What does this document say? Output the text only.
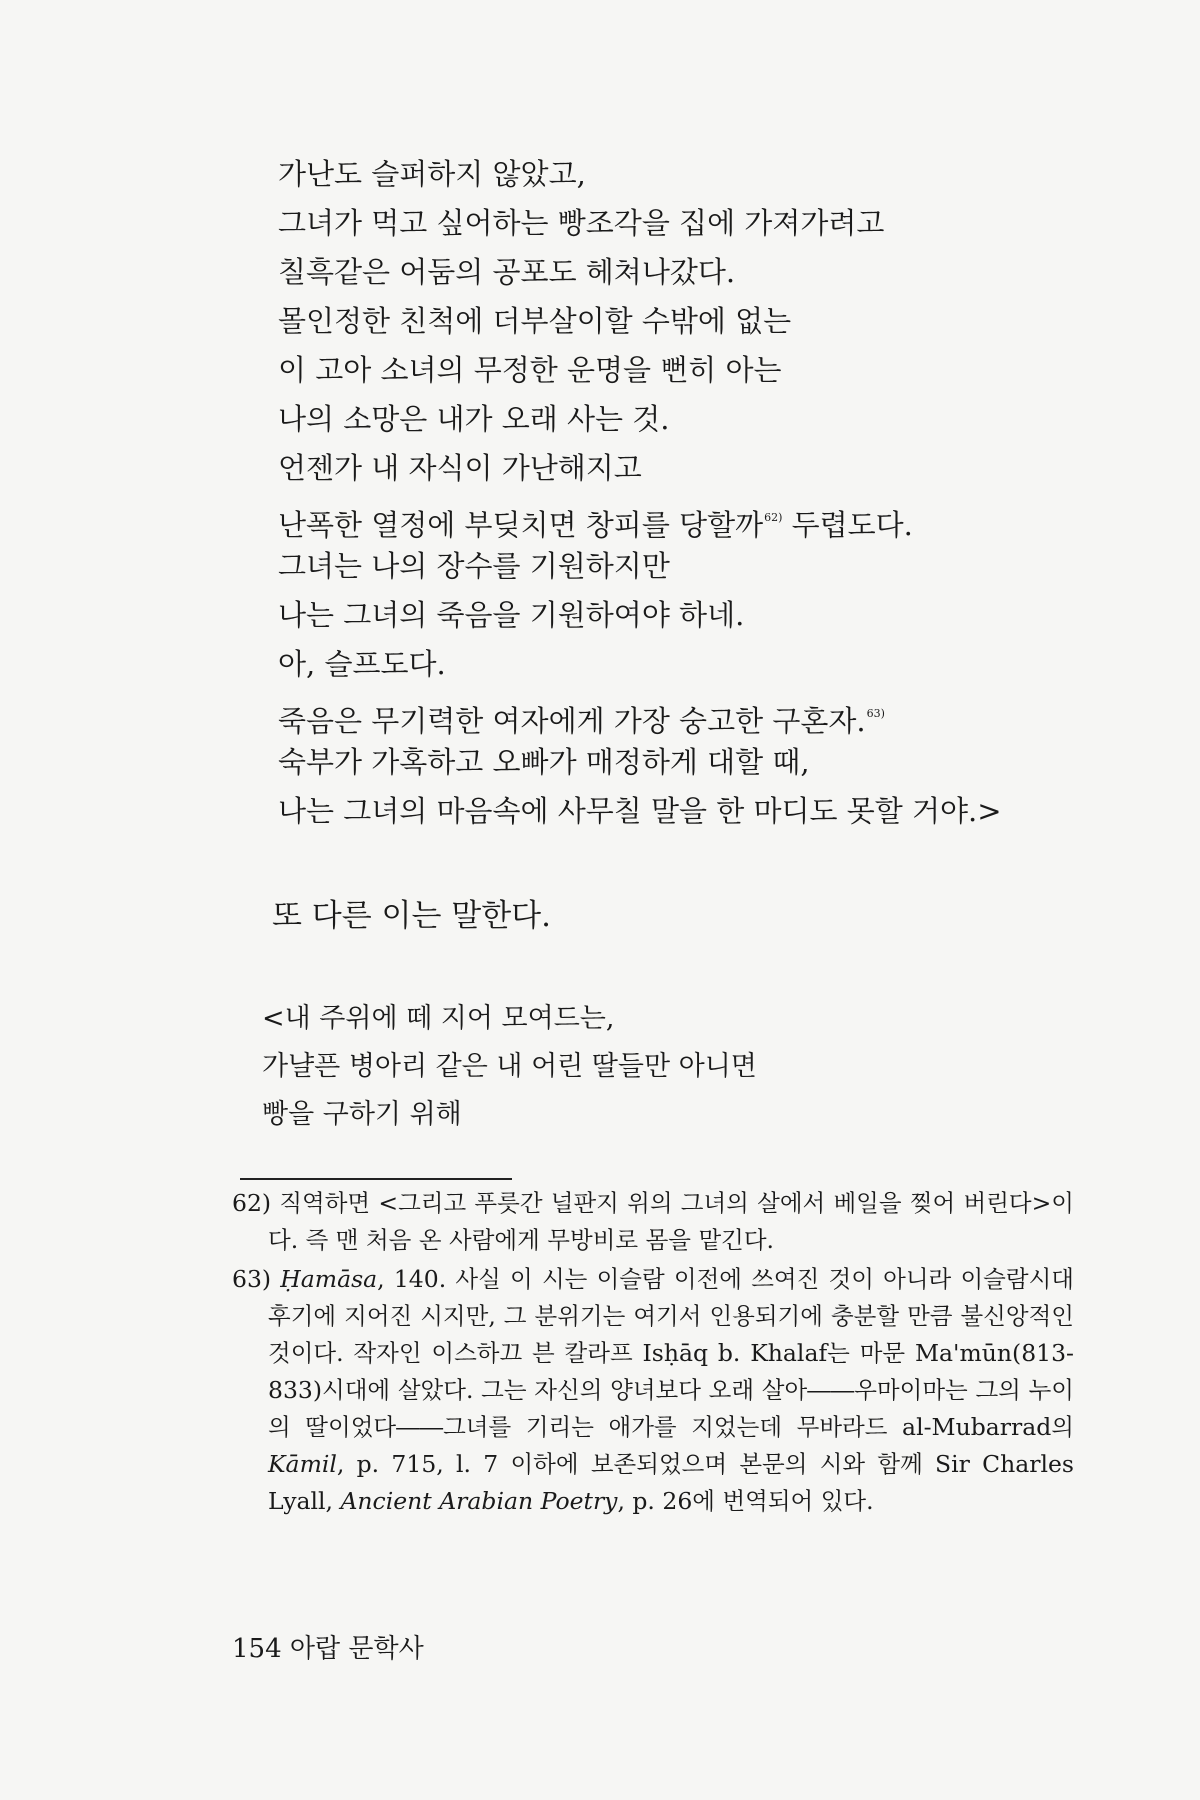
가난도 슬퍼하지 않았고,
그녀가 먹고 싶어하는 빵조각을 집에 가져가려고
칠흑같은 어둠의 공포도 헤쳐나갔다.
몰인정한 친척에 더부살이할 수밖에 없는
이 고아 소녀의 무정한 운명을 뻔히 아는
나의 소망은 내가 오래 사는 것.
언젠가 내 자식이 가난해지고
난폭한 열정에 부딪치면 창피를 당할까$^{62)}$ 두렵도다.
그녀는 나의 장수를 기원하지만
나는 그녀의 죽음을 기원하여야 하네.
아, 슬프도다.
죽음은 무기력한 여자에게 가장 숭고한 구혼자.$^{63)}$
숙부가 가혹하고 오빠가 매정하게 대할 때,
나는 그녀의 마음속에 사무칠 말을 한 마디도 못할 거야.>
또 다른 이는 말한다.
<내 주위에 떼 지어 모여드는,
가냘픈 병아리 같은 내 어린 딸들만 아니면
빵을 구하기 위해
62) 직역하면 <그리고 푸릇간 널판지 위의 그녀의 살에서 베일을 찢어 버린다>이다. 즉 맨 처음 온 사람에게 무방비로 몸을 맡긴다.
63) Ḥamāsa, 140. 사실 이 시는 이슬람 이전에 쓰여진 것이 아니라 이슬람시대 후기에 지어진 시지만, 그 분위기는 여기서 인용되기에 충분할 만큼 불신앙적인 것이다. 작자인 이스하끄 븐 칼라프 Isḥāq b. Khalaf는 마문 Ma'mūn(813-833)시대에 살았다. 그는 자신의 양녀보다 오래 살아――우마이마는 그의 누이의 딸이었다――그녀를 기리는 애가를 지었는데 무바라드 al-Mubarrad의 Kāmil, p. 715, l. 7 이하에 보존되었으며 본문의 시와 함께 Sir Charles Lyall, Ancient Arabian Poetry, p. 26에 번역되어 있다.
154 아랍 문학사
